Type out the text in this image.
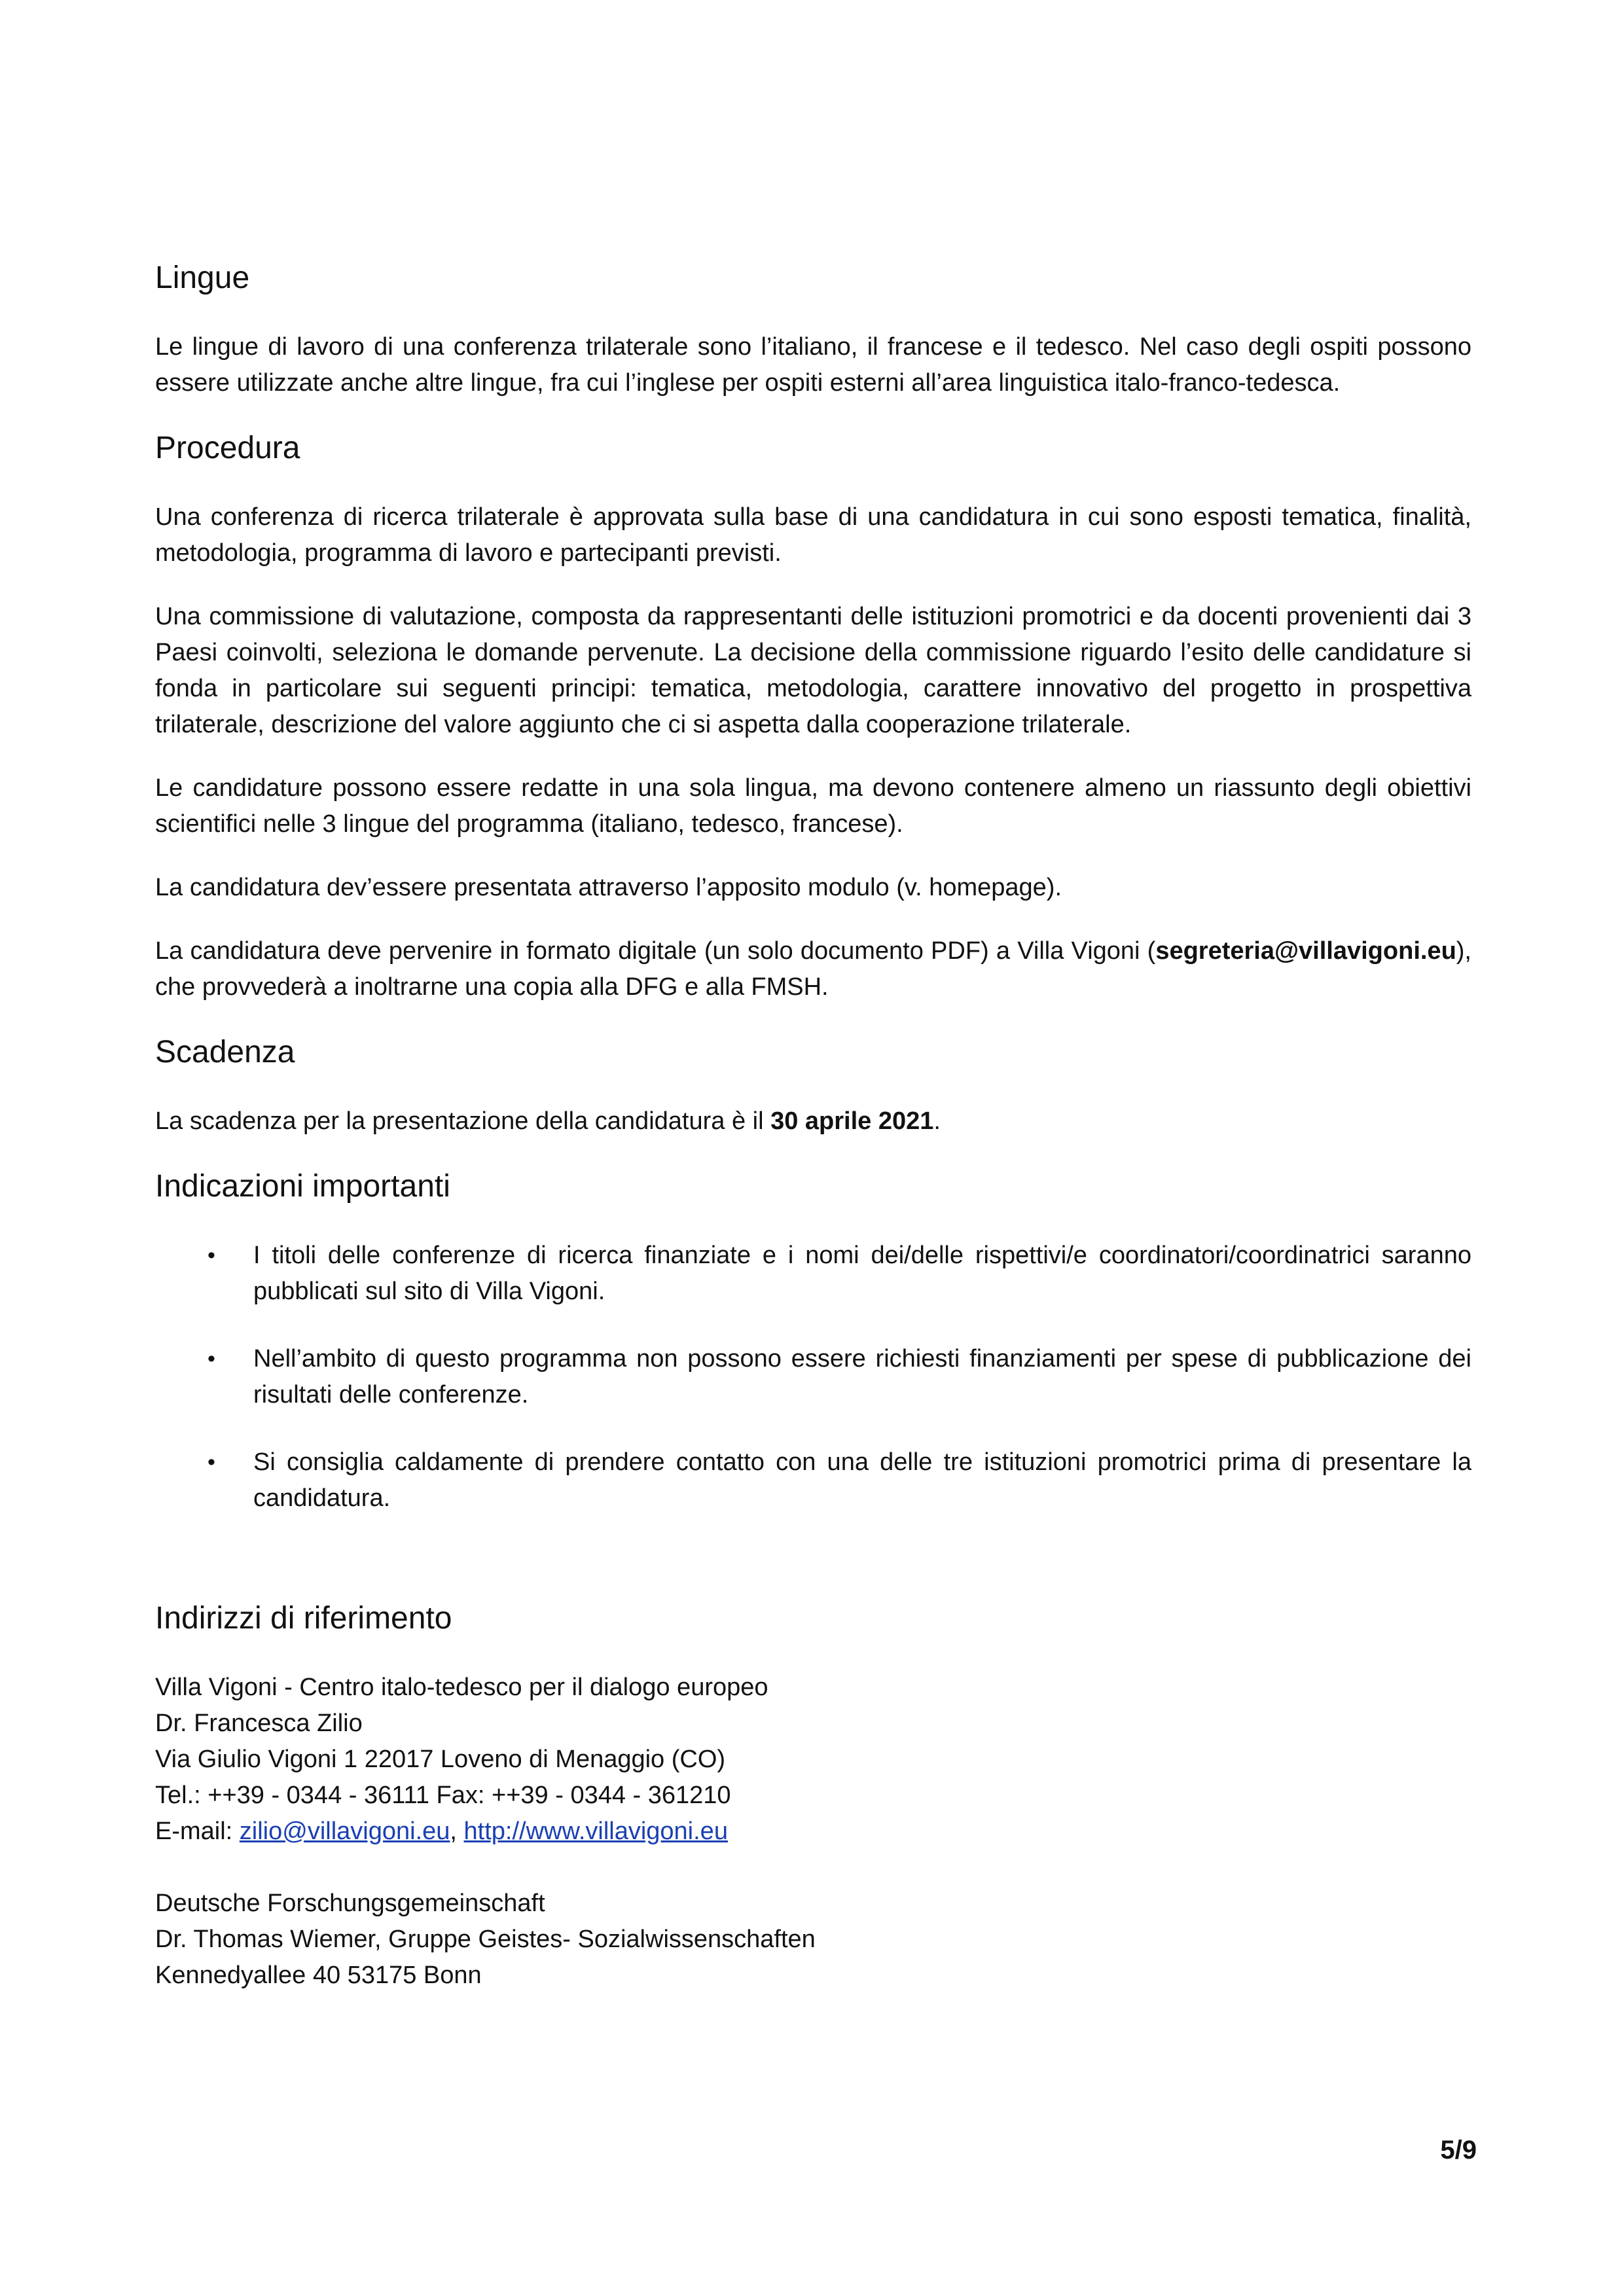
Lingue

Le lingue di lavoro di una conferenza trilaterale sono l’italiano, il francese e il tedesco. Nel caso degli ospiti possono essere utilizzate anche altre lingue, fra cui l’inglese per ospiti esterni all’area linguistica italo-franco-tedesca.

Procedura

Una conferenza di ricerca trilaterale è approvata sulla base di una candidatura in cui sono esposti tematica, finalità, metodologia, programma di lavoro e partecipanti previsti.

Una commissione di valutazione, composta da rappresentanti delle istituzioni promotrici e da docenti provenienti dai 3 Paesi coinvolti, seleziona le domande pervenute. La decisione della commissione riguardo l’esito delle candidature si fonda in particolare sui seguenti principi: tematica, metodologia, carattere innovativo del progetto in prospettiva trilaterale, descrizione del valore aggiunto che ci si aspetta dalla cooperazione trilaterale.

Le candidature possono essere redatte in una sola lingua, ma devono contenere almeno un riassunto degli obiettivi scientifici nelle 3 lingue del programma (italiano, tedesco, francese).

La candidatura dev’essere presentata attraverso l’apposito modulo (v. homepage).

La candidatura deve pervenire in formato digitale (un solo documento PDF) a Villa Vigoni (segreteria@villavigoni.eu), che provvederà a inoltrarne una copia alla DFG e alla FMSH.

Scadenza

La scadenza per la presentazione della candidatura è il 30 aprile 2021.

Indicazioni importanti
• I titoli delle conferenze di ricerca finanziate e i nomi dei/delle rispettivi/e coordinatori/coordinatrici saranno pubblicati sul sito di Villa Vigoni.
• Nell’ambito di questo programma non possono essere richiesti finanziamenti per spese di pubblicazione dei risultati delle conferenze.
• Si consiglia caldamente di prendere contatto con una delle tre istituzioni promotrici prima di presentare la candidatura.
Indirizzi di riferimento

Villa Vigoni - Centro italo-tedesco per il dialogo europeo

Dr. Francesca Zilio

Via Giulio Vigoni 1 22017 Loveno di Menaggio (CO)

Tel.: ++39 - 0344 - 36111 Fax: ++39 - 0344 - 361210

E-mail: zilio@villavigoni.eu, http://www.villavigoni.eu

Deutsche Forschungsgemeinschaft

Dr. Thomas Wiemer, Gruppe Geistes- Sozialwissenschaften

Kennedyallee 40 53175 Bonn

5/9
